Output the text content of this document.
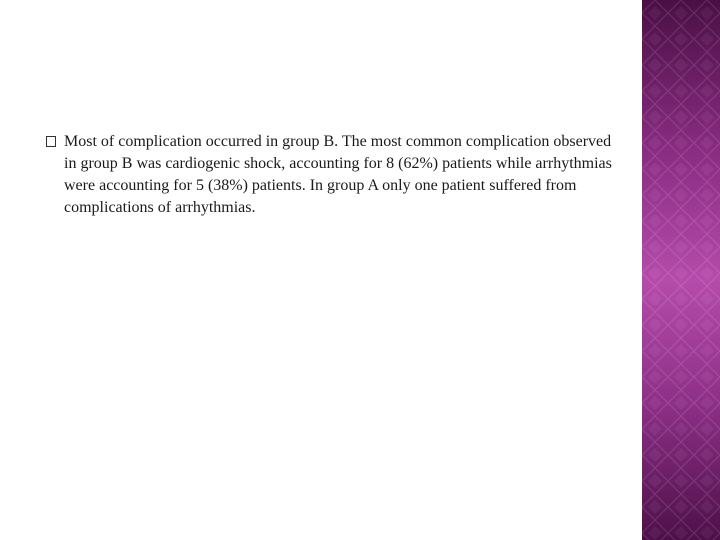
Most of complication occurred in group B. The most common complication observed in group B was cardiogenic shock, accounting for 8 (62%) patients while arrhythmias were accounting for 5 (38%) patients. In group A only one patient suffered from complications of arrhythmias.
